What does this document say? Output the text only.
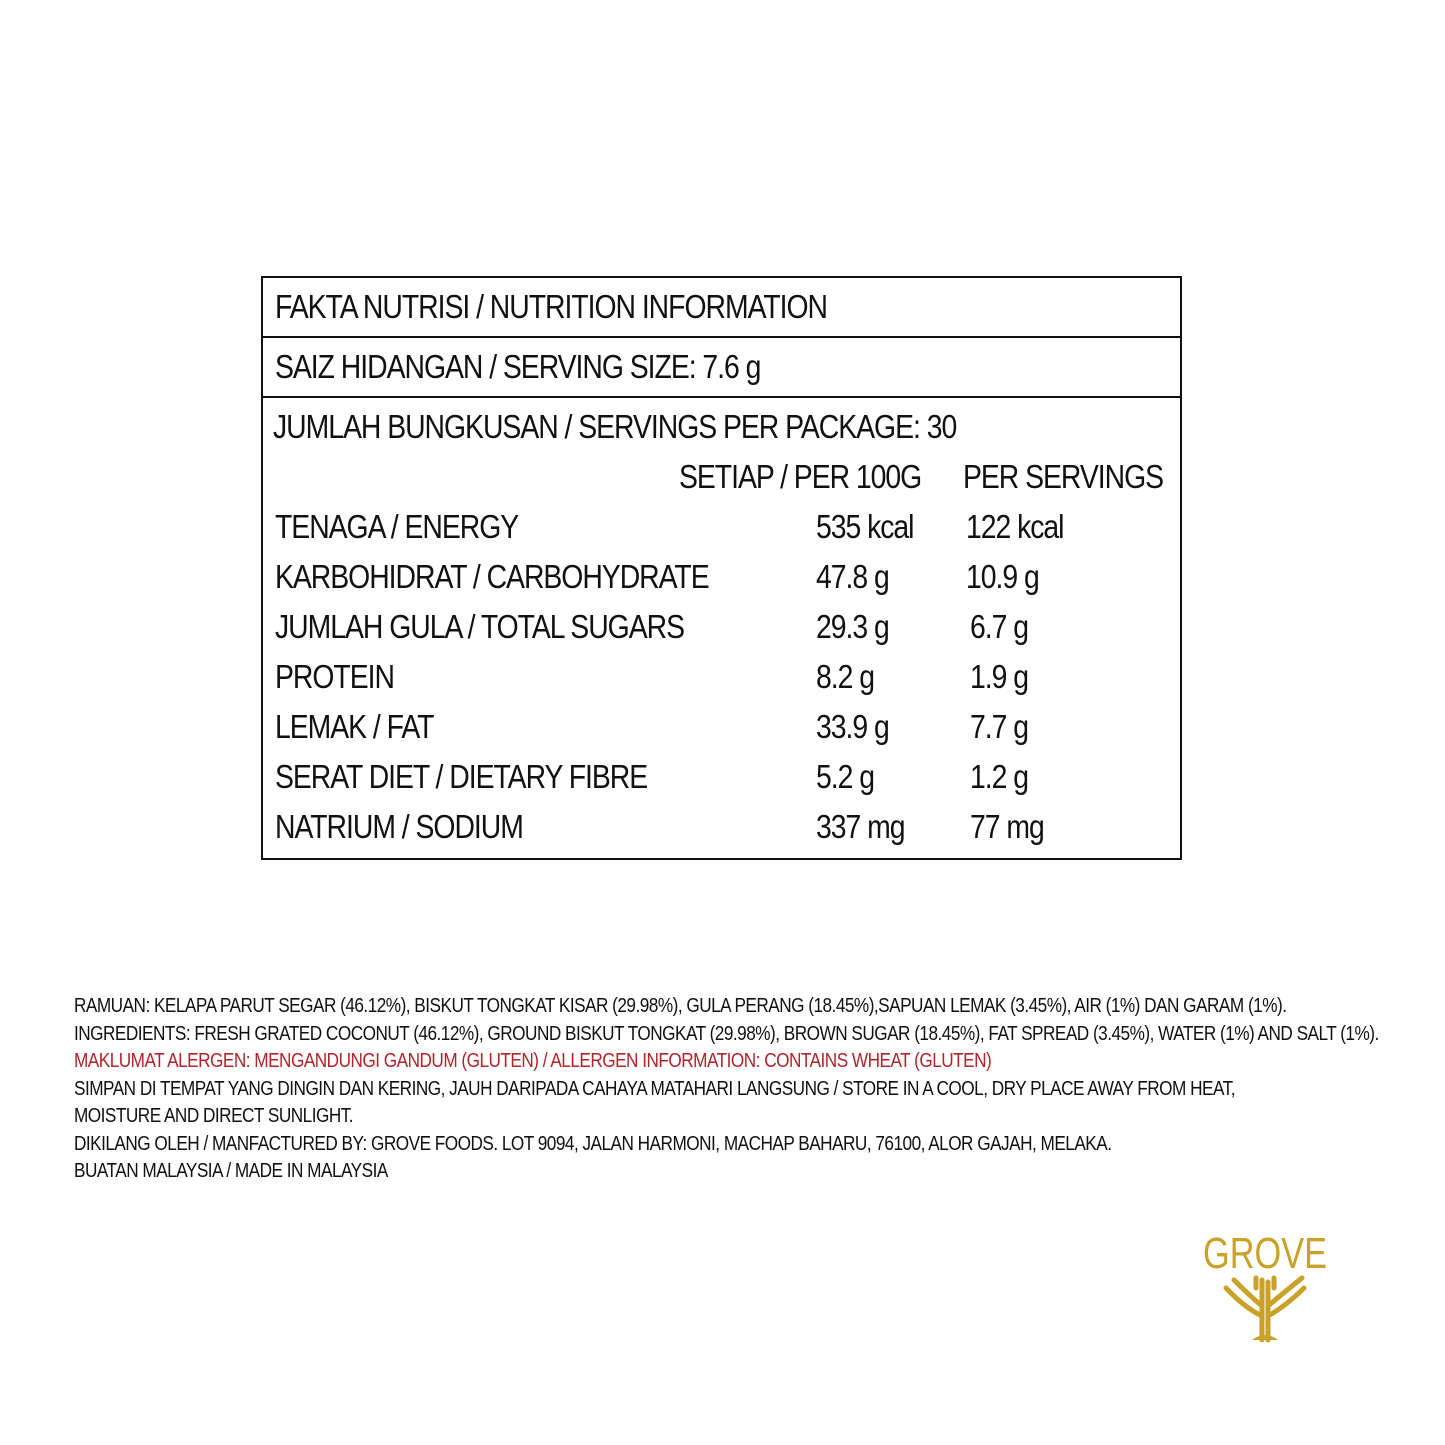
FAKTA NUTRISI / NUTRITION INFORMATION
SAIZ HIDANGAN / SERVING SIZE: 7.6 g
JUMLAH BUNGKUSAN / SERVINGS PER PACKAGE: 30
SETIAP / PER 100G PER SERVINGS
TENAGA / ENERGY	535 kcal 122 kcal
KARBOHIDRAT / CARBOHYDRATE	47.8 g 10.9 g
JUMLAH GULA / TOTAL SUGARS	29.3 g 6.7 g
PROTEIN	8.2 g	1.9 g
LEMAK / FAT	33.9 g 7.7 g
SERAT DIET / DIETARY FIBRE	5.2 g	1.2 g
NATRIUM / SODIUM	337 mg 77 mg
RAMUAN: KELAPA PARUT SEGAR (46.12%), BISKUT TONGKAT KISAR (29.98%), GULA PERANG (18.45%),SAPUAN LEMAK (3.45%), AIR (1%) DAN GARAM (1%).
INGREDIENTS: FRESH GRATED COCONUT (46.12%), GROUND BISKUT TONGKAT (29.98%), BROWN SUGAR (18.45%), FAT SPREAD (3.45%), WATER (1%) AND SALT (1%).
MAKLUMAT ALERGEN: MENGANDUNGI GANDUM (GLUTEN) / ALLERGEN INFORMATION: CONTAINS WHEAT (GLUTEN)
SIMPAN DI TEMPAT YANG DINGIN DAN KERING, JAUH DARIPADA CAHAYA MATAHARI LANGSUNG / STORE IN A COOL, DRY PLACE AWAY FROM HEAT,
MOISTURE AND DIRECT SUNLIGHT.
DIKILANG OLEH / MANFACTURED BY: GROVE FOODS. LOT 9094, JALAN HARMONI, MACHAP BAHARU, 76100, ALOR GAJAH, MELAKA.
BUATAN MALAYSIA / MADE IN MALAYSIA
GROVE
